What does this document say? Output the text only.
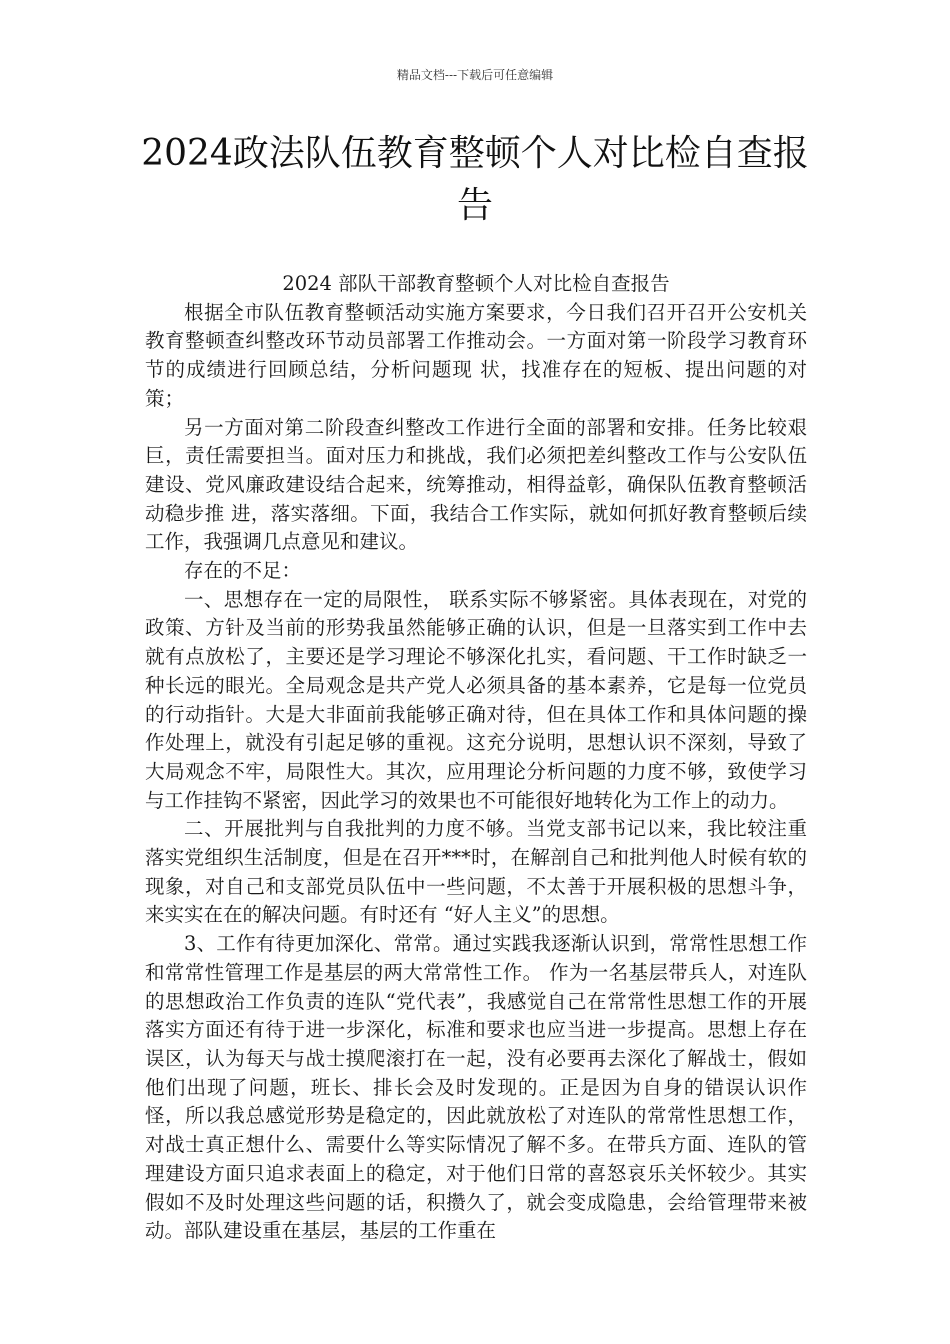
精品文档---下载后可任意编辑
2024政法队伍教育整顿个人对比检自查报告

2024 部队干部教育整顿个人对比检自查报告

根据全市队伍教育整顿活动实施方案要求，今日我们召开召开公安机关教育整顿查纠整改环节动员部署工作推动会。一方面对第一阶段学习教育环节的成绩进行回顾总结，分析问题现 状，找准存在的短板、提出问题的对策；

另一方面对第二阶段查纠整改工作进行全面的部署和安排。任务比较艰巨，责任需要担当。面对压力和挑战，我们必须把差纠整改工作与公安队伍建设、党风廉政建设结合起来，统筹推动，相得益彰，确保队伍教育整顿活动稳步推 进，落实落细。下面，我结合工作实际，就如何抓好教育整顿后续工作，我强调几点意见和建议。

存在的不足：

一、思想存在一定的局限性， 联系实际不够紧密。具体表现在，对党的政策、方针及当前的形势我虽然能够正确的认识，但是一旦落实到工作中去就有点放松了，主要还是学习理论不够深化扎实，看问题、干工作时缺乏一种长远的眼光。全局观念是共产党人必须具备的基本素养，它是每一位党员的行动指针。大是大非面前我能够正确对待，但在具体工作和具体问题的操作处理上，就没有引起足够的重视。这充分说明，思想认识不深刻，导致了大局观念不牢，局限性大。其次，应用理论分析问题的力度不够，致使学习与工作挂钩不紧密，因此学习的效果也不可能很好地转化为工作上的动力。

二、开展批判与自我批判的力度不够。当党支部书记以来，我比较注重落实党组织生活制度，但是在召开***时，在解剖自己和批判他人时候有软的现象，对自己和支部党员队伍中一些问题，不太善于开展积极的思想斗争，来实实在在的解决问题。有时还有 “好人主义”的思想。

3、工作有待更加深化、常常。通过实践我逐渐认识到，常常性思想工作和常常性管理工作是基层的两大常常性工作。 作为一名基层带兵人，对连队的思想政治工作负责的连队“党代表”，我感觉自己在常常性思想工作的开展落实方面还有待于进一步深化，标准和要求也应当进一步提高。思想上存在误区，认为每天与战士摸爬滚打在一起，没有必要再去深化了解战士，假如他们出现了问题，班长、排长会及时发现的。正是因为自身的错误认识作怪，所以我总感觉形势是稳定的，因此就放松了对连队的常常性思想工作，对战士真正想什么、需要什么等实际情况了解不多。在带兵方面、连队的管理建设方面只追求表面上的稳定，对于他们日常的喜怒哀乐关怀较少。其实假如不及时处理这些问题的话，积攒久了，就会变成隐患，会给管理带来被动。部队建设重在基层，基层的工作重在
